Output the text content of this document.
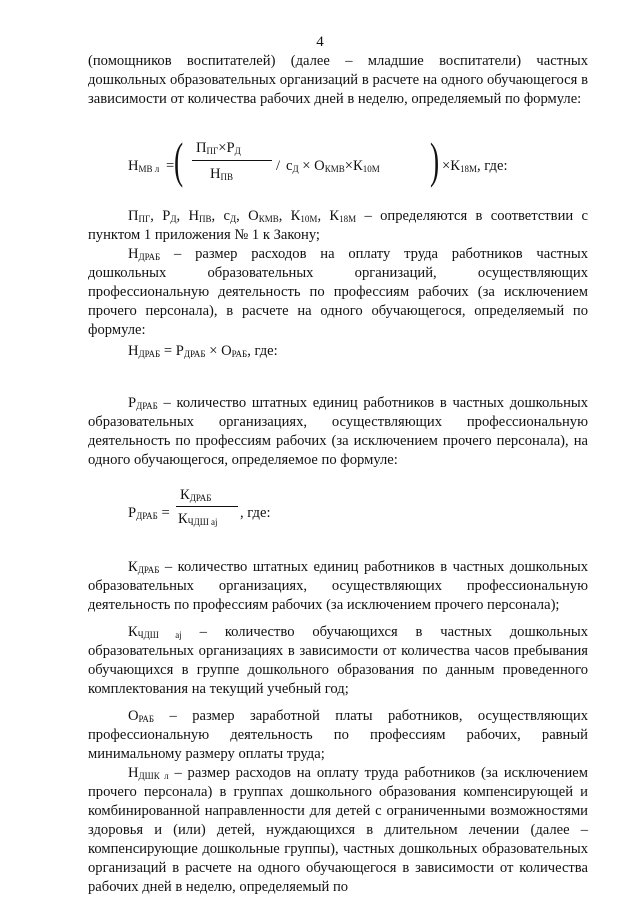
4

(помощников воспитателей) (далее – младшие воспитатели) частных дошкольных образовательных организаций в расчете на одного обучающегося в зависимости от количества рабочих дней в неделю, определяемый по формуле:

$Н_{МВ л}$ = ( $П_{ПГ}\times Р_Д$
$Н_{ПВ}$
/ $с_Д \times О_{КМВ}\times К_{10М}$ ) $\times К_{18М}$, где:

$П_{ПГ}$, $Р_Д$, $Н_{ПВ}$, $с_Д$, $О_{КМВ}$, $К_{10М}$, $К_{18М}$ – определяются в соответствии с пунктом 1 приложения № 1 к Закону;

$Н_{ДРАБ}$ – размер расходов на оплату труда работников частных дошкольных образовательных организаций, осуществляющих профессиональную деятельность по профессиям рабочих (за исключением прочего персонала), в расчете на одного обучающегося, определяемый по формуле:

$Н_{ДРАБ} = Р_{ДРАБ} \times О_{РАБ}$, где:

$Р_{ДРАБ}$ – количество штатных единиц работников в частных дошкольных образовательных организациях, осуществляющих профессиональную деятельность по профессиям рабочих (за исключением прочего персонала), на одного обучающегося, определяемое по формуле:

$Р_{ДРАБ}$ =
$К_{ДРАБ}$
$К_{ЧДШ аj}$
, где:

$К_{ДРАБ}$ – количество штатных единиц работников в частных дошкольных образовательных организациях, осуществляющих профессиональную деятельность по профессиям рабочих (за исключением прочего персонала);

$К_{ЧДШ аj}$ – количество обучающихся в частных дошкольных образовательных организациях в зависимости от количества часов пребывания обучающихся в группе дошкольного образования по данным проведенного комплектования на текущий учебный год;

$О_{РАБ}$ – размер заработной платы работников, осуществляющих профессиональную деятельность по профессиям рабочих, равный минимальному размеру оплаты труда;

$Н_{ДШК л}$ – размер расходов на оплату труда работников (за исключением прочего персонала) в группах дошкольного образования компенсирующей и комбинированной направленности для детей с ограниченными возможностями здоровья и (или) детей, нуждающихся в длительном лечении (далее – компенсирующие дошкольные группы), частных дошкольных образовательных организаций в расчете на одного обучающегося в зависимости от количества рабочих дней в неделю, определяемый по
